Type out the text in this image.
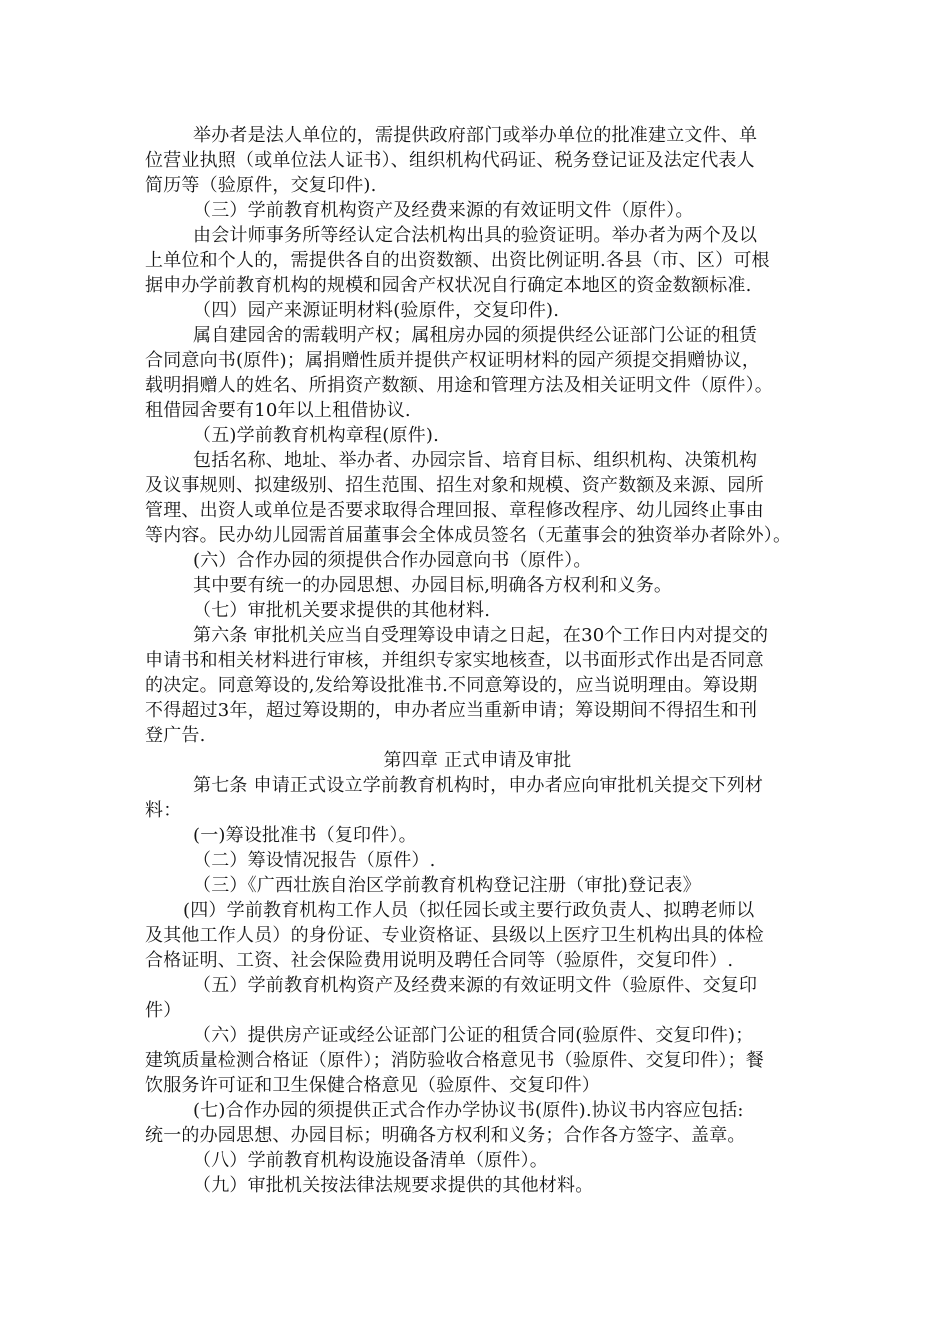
举办者是法人单位的，需提供政府部门或举办单位的批准建立文件、单
位营业执照（或单位法人证书）、组织机构代码证、税务登记证及法定代表人
简历等（验原件，交复印件).
（三）学前教育机构资产及经费来源的有效证明文件（原件）。
由会计师事务所等经认定合法机构出具的验资证明。举办者为两个及以
上单位和个人的，需提供各自的出资数额、出资比例证明.各县（市、区）可根
据申办学前教育机构的规模和园舍产权状况自行确定本地区的资金数额标准.
（四）园产来源证明材料(验原件，交复印件).
属自建园舍的需载明产权；属租房办园的须提供经公证部门公证的租赁
合同意向书(原件)；属捐赠性质并提供产权证明材料的园产须提交捐赠协议，
载明捐赠人的姓名、所捐资产数额、用途和管理方法及相关证明文件（原件）。
租借园舍要有10年以上租借协议.
（五)学前教育机构章程(原件).
包括名称、地址、举办者、办园宗旨、培育目标、组织机构、决策机构
及议事规则、拟建级别、招生范围、招生对象和规模、资产数额及来源、园所
管理、出资人或单位是否要求取得合理回报、章程修改程序、幼儿园终止事由
等内容。民办幼儿园需首届董事会全体成员签名（无董事会的独资举办者除外）。
(六）合作办园的须提供合作办园意向书（原件）。
其中要有统一的办园思想、办园目标,明确各方权利和义务。
（七）审批机关要求提供的其他材料.
第六条 审批机关应当自受理筹设申请之日起，在30个工作日内对提交的
申请书和相关材料进行审核，并组织专家实地核查，以书面形式作出是否同意
的决定。同意筹设的,发给筹设批准书.不同意筹设的，应当说明理由。筹设期
不得超过3年，超过筹设期的，申办者应当重新申请；筹设期间不得招生和刊
登广告.
第四章 正式申请及审批
第七条 申请正式设立学前教育机构时，申办者应向审批机关提交下列材
料：
(一)筹设批准书（复印件）。
（二）筹设情况报告（原件）.
（三）《广西壮族自治区学前教育机构登记注册（审批)登记表》
(四）学前教育机构工作人员（拟任园长或主要行政负责人、拟聘老师以
及其他工作人员）的身份证、专业资格证、县级以上医疗卫生机构出具的体检
合格证明、工资、社会保险费用说明及聘任合同等（验原件，交复印件）.
（五）学前教育机构资产及经费来源的有效证明文件（验原件、交复印
件）
（六）提供房产证或经公证部门公证的租赁合同(验原件、交复印件)；
建筑质量检测合格证（原件）；消防验收合格意见书（验原件、交复印件）；餐
饮服务许可证和卫生保健合格意见（验原件、交复印件）
(七)合作办园的须提供正式合作办学协议书(原件).协议书内容应包括:
统一的办园思想、办园目标；明确各方权利和义务；合作各方签字、盖章。
（八）学前教育机构设施设备清单（原件）。
（九）审批机关按法律法规要求提供的其他材料。
